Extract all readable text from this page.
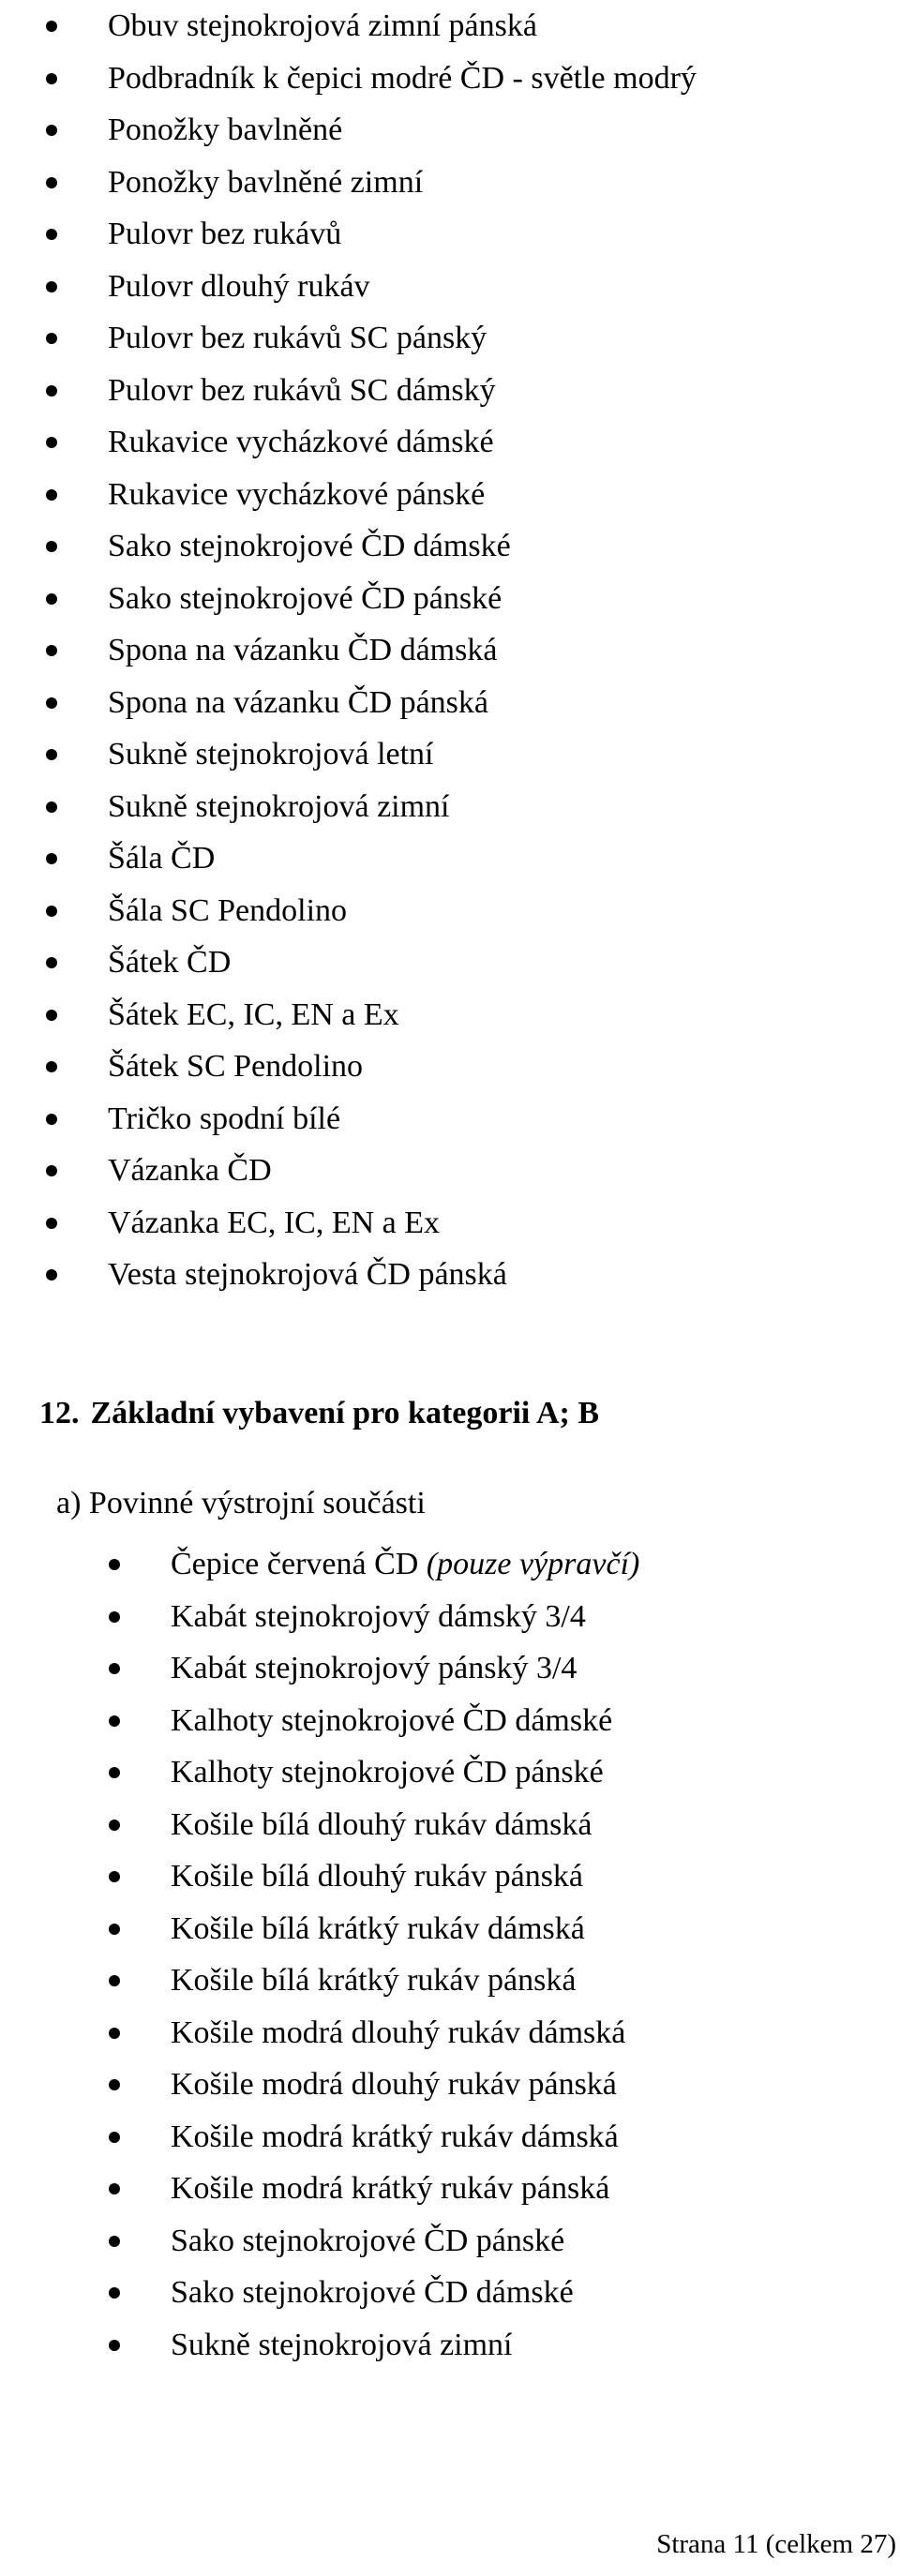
Obuv stejnokrojová zimní pánská
Podbradník k čepici modré ČD - světle modrý
Ponožky bavlněné
Ponožky bavlněné zimní
Pulovr bez rukávů
Pulovr dlouhý rukáv
Pulovr bez rukávů SC pánský
Pulovr bez rukávů SC dámský
Rukavice vycházkové dámské
Rukavice vycházkové pánské
Sako stejnokrojové ČD dámské
Sako stejnokrojové ČD pánské
Spona na vázanku ČD dámská
Spona na vázanku ČD pánská
Sukně stejnokrojová letní
Sukně stejnokrojová zimní
Šála ČD
Šála SC Pendolino
Šátek ČD
Šátek EC, IC, EN a Ex
Šátek SC Pendolino
Tričko spodní bílé
Vázanka ČD
Vázanka EC, IC, EN a Ex
Vesta stejnokrojová ČD pánská
12. Základní vybavení pro kategorii A; B
a) Povinné výstrojní součásti
Čepice červená ČD (pouze výpravčí)
Kabát stejnokrojový dámský 3/4
Kabát stejnokrojový pánský 3/4
Kalhoty stejnokrojové ČD dámské
Kalhoty stejnokrojové ČD pánské
Košile bílá dlouhý rukáv dámská
Košile bílá dlouhý rukáv pánská
Košile bílá krátký rukáv dámská
Košile bílá krátký rukáv pánská
Košile modrá dlouhý rukáv dámská
Košile modrá dlouhý rukáv pánská
Košile modrá krátký rukáv dámská
Košile modrá krátký rukáv pánská
Sako stejnokrojové ČD pánské
Sako stejnokrojové ČD dámské
Sukně stejnokrojová zimní
Strana 11 (celkem 27)
